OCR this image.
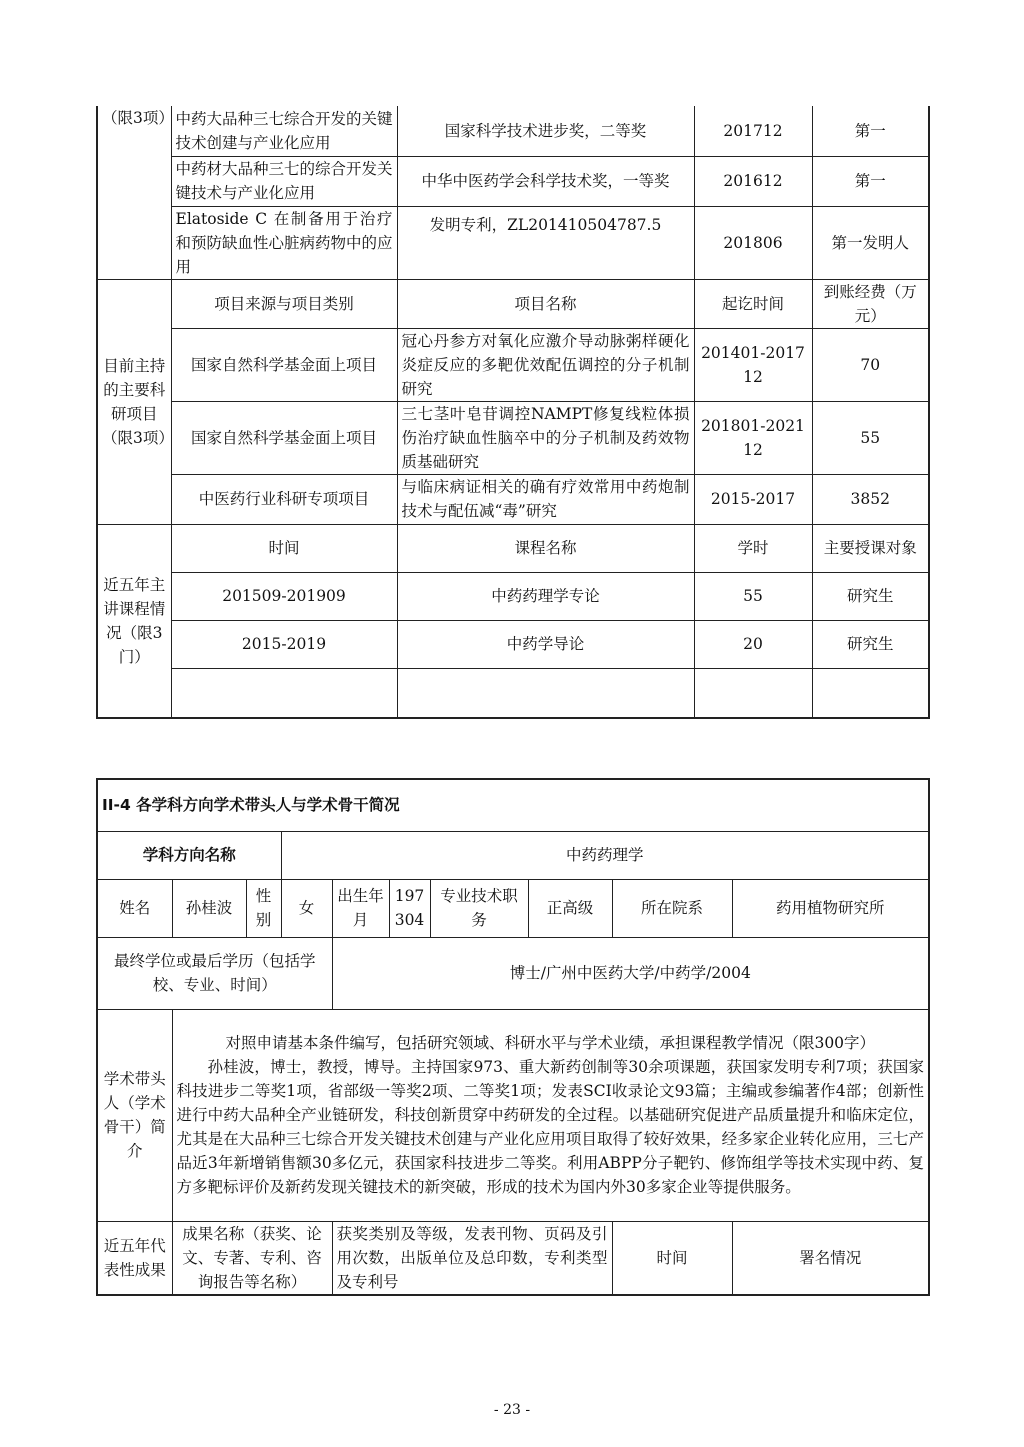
（限3项）	中药大品种三七综合开发的关键技术创建与产业化应用	国家科学技术进步奖，二等奖	201712	第一
	中药材大品种三七的综合开发关键技术与产业化应用	中华中医药学会科学技术奖，一等奖	201612	第一
	Elatoside C 在制备用于治疗和预防缺血性心脏病药物中的应用	发明专利，ZL201410504787.5	201806	第一发明人
目前主持的主要科研项目（限3项）	项目来源与项目类别	项目名称	起讫时间	到账经费（万元）
	国家自然科学基金面上项目	冠心丹参方对氧化应激介导动脉粥样硬化炎症反应的多靶优效配伍调控的分子机制研究	201401-201712	70
	国家自然科学基金面上项目	三七茎叶皂苷调控NAMPT修复线粒体损伤治疗缺血性脑卒中的分子机制及药效物质基础研究	201801-202112	55
	中医药行业科研专项项目	与临床病证相关的确有疗效常用中药炮制技术与配伍减“毒”研究	2015-2017	3852
近五年主讲课程情况（限3门）	时间	课程名称	学时	主要授课对象
	201509-201909	中药药理学专论	55	研究生
	2015-2019	中药学导论	20	研究生

II-4 各学科方向学术带头人与学术骨干简况									
学科方向名称			中药药理学						
姓名	孙桂波	性别	女	出生年月	197304	专业技术职　务	正高级	所在院系	药用植物研究所
最终学位或最后学历（包括学校、专业、时间）				博士/广州中医药大学/中药学/2004					
学术带头人（学术骨干）简介	对照申请基本条件编写，包括研究领域、科研水平与学术业绩，承担课程教学情况（限300字）

孙桂波，博士，教授，博导。主持国家973、重大新药创制等30余项课题，获国家发明专利7项；获国家科技进步二等奖1项，省部级一等奖2项、二等奖1项；发表SCI收录论文93篇；主编或参编著作4部；创新性进行中药大品种全产业链研发，科技创新贯穿中药研发的全过程。以基础研究促进产品质量提升和临床定位，尤其是在大品种三七综合开发关键技术创建与产业化应用项目取得了较好效果，经多家企业转化应用，三七产品近3年新增销售额30多亿元，获国家科技进步二等奖。利用ABPP分子靶钓、修饰组学等技术实现中药、复方多靶标评价及新药发现关键技术的新突破，形成的技术为国内外30多家企业等提供服务。								

近五年代表性成果	成果名称（获奖、论文、专著、专利、咨询报告等名称）			获奖类别及等级，发表刊物、页码及引用次数，出版单位及总印数，专利类型及专利号				时间	署名情况
- 23 -
